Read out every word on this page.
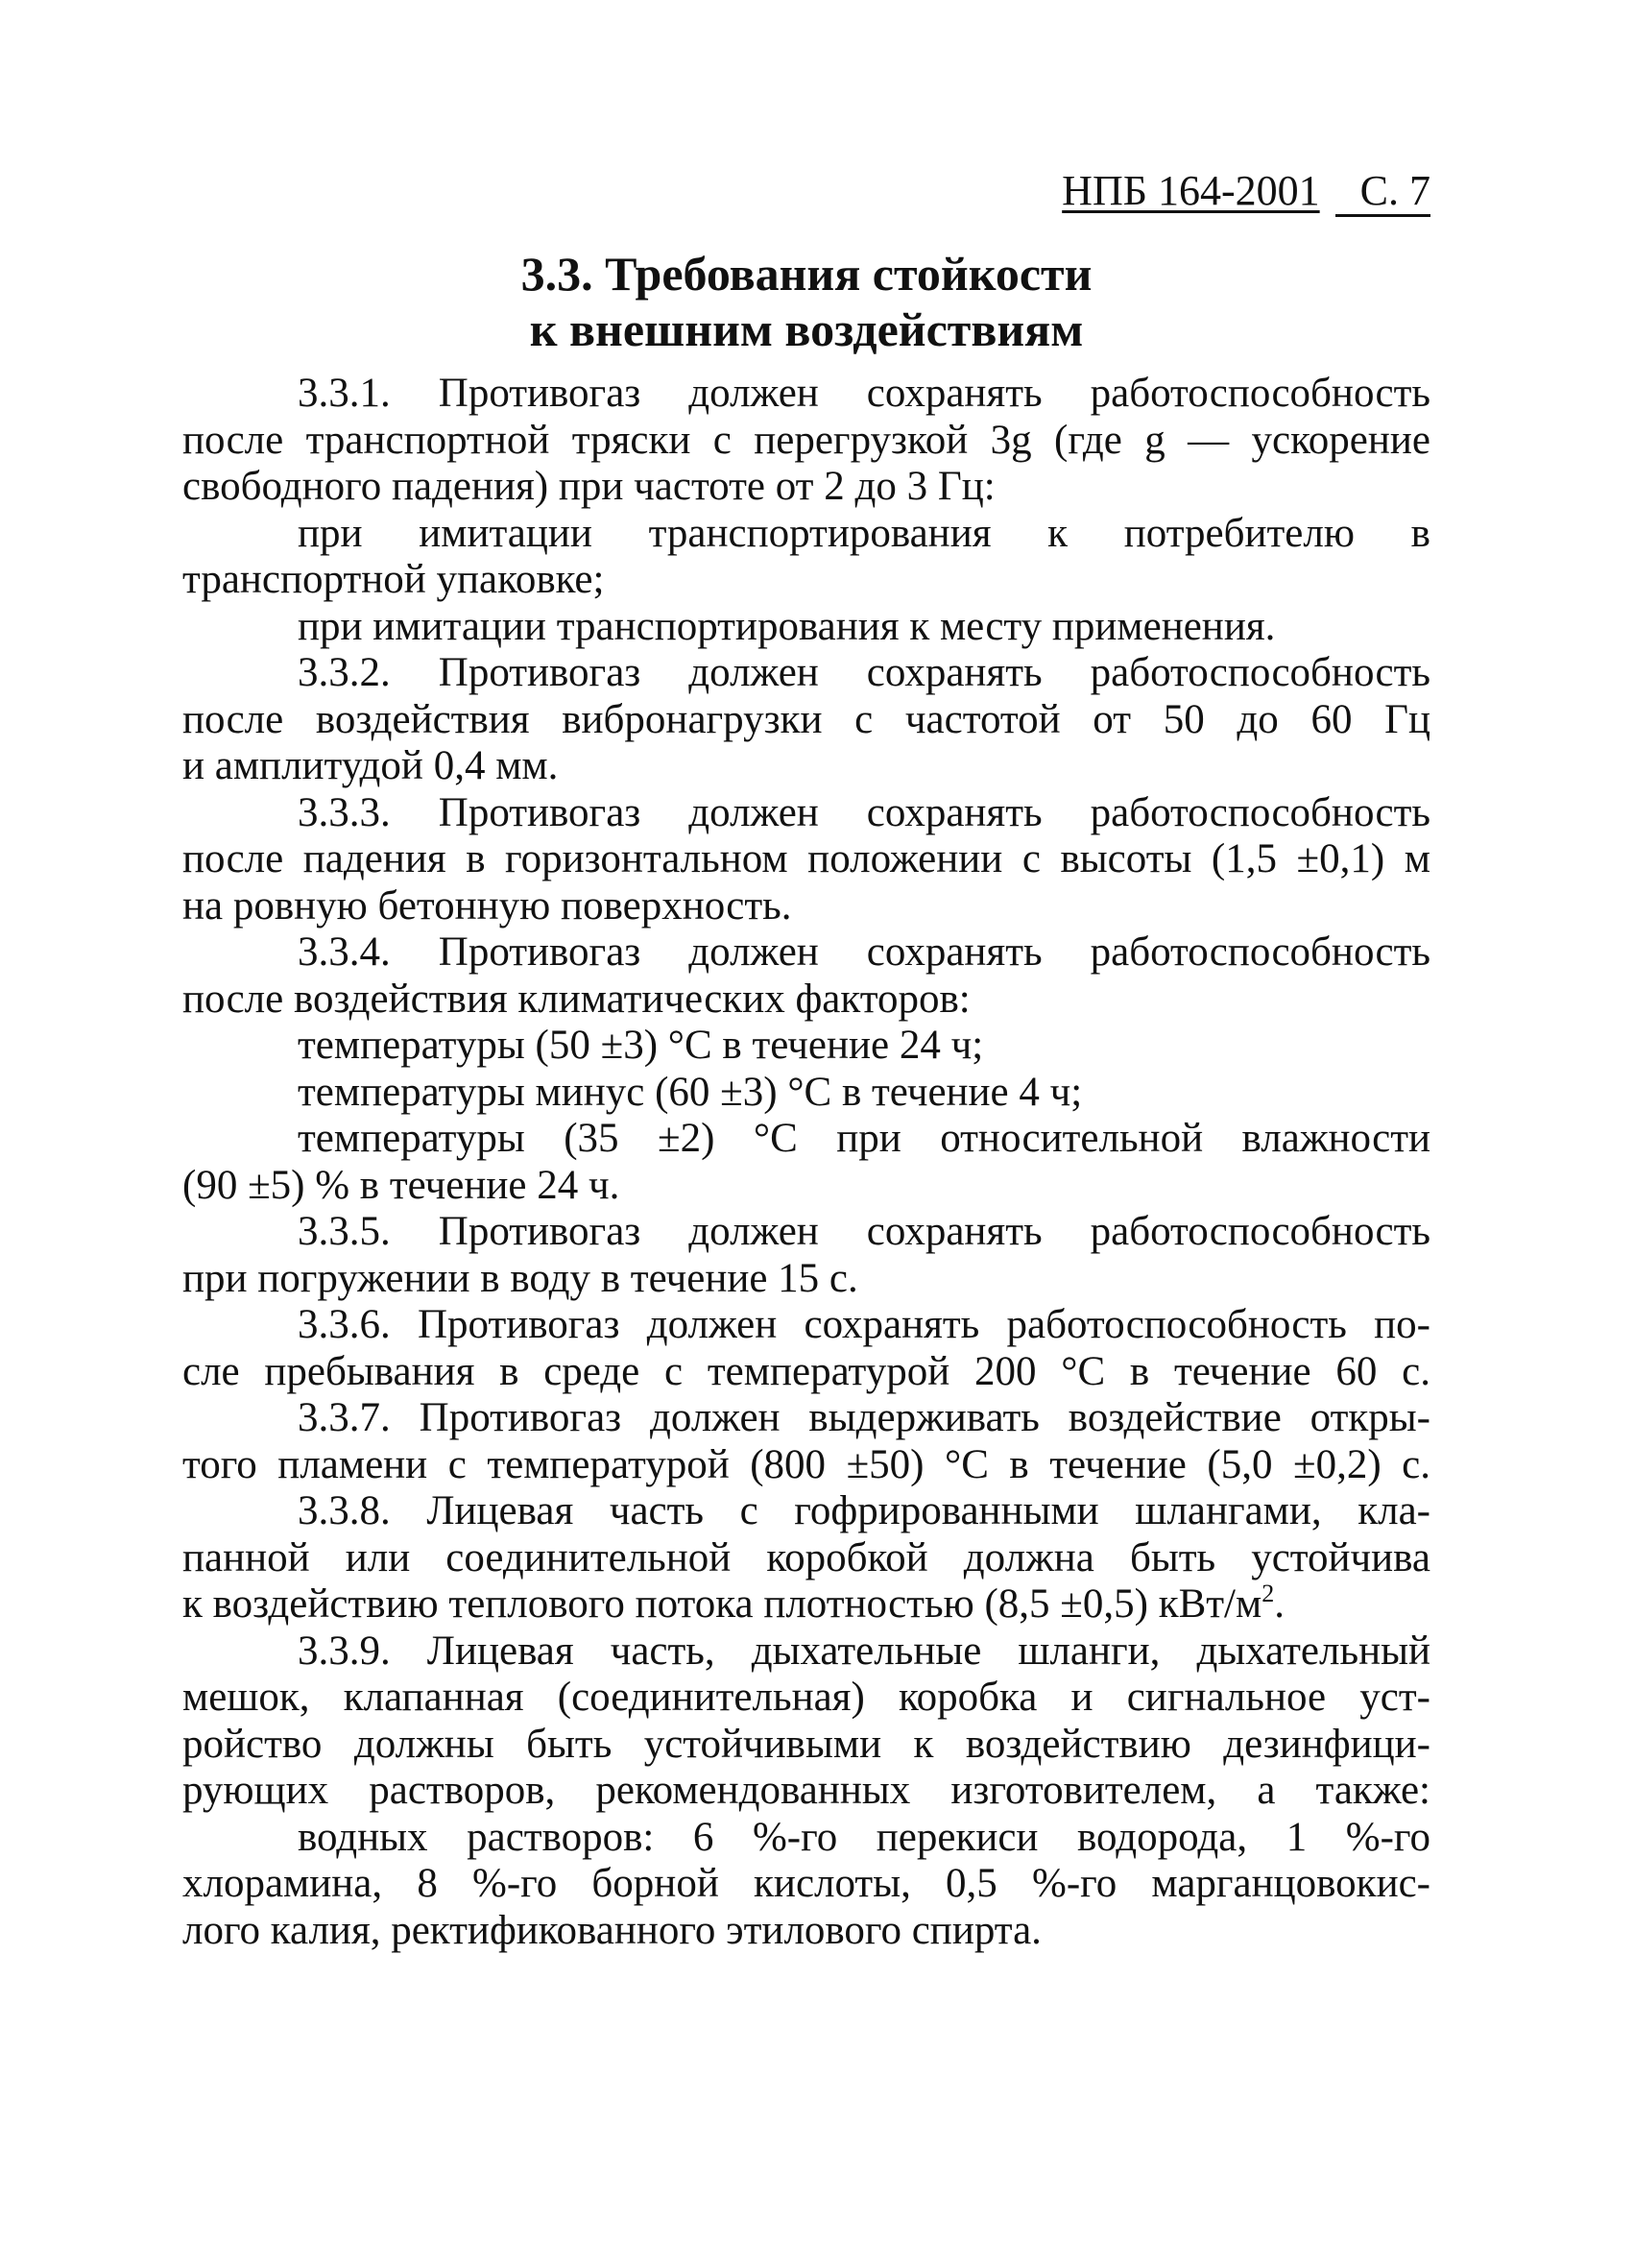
НПБ 164-2001 С. 7
3.3. Требования стойкости
к внешним воздействиям
3.3.1. Противогаз должен сохранять работоспособность
после транспортной тряски с перегрузкой 3g (где g — ускорение
свободного падения) при частоте от 2 до 3 Гц:
при имитации транспортирования к потребителю в
транспортной упаковке;
при имитации транспортирования к месту применения.
3.3.2. Противогаз должен сохранять работоспособность
после воздействия вибронагрузки с частотой от 50 до 60 Гц
и амплитудой 0,4 мм.
3.3.3. Противогаз должен сохранять работоспособность
после падения в горизонтальном положении с высоты (1,5 ±0,1) м
на ровную бетонную поверхность.
3.3.4. Противогаз должен сохранять работоспособность
после воздействия климатических факторов:
температуры (50 ±3) °С в течение 24 ч;
температуры минус (60 ±3) °С в течение 4 ч;
температуры (35 ±2) °С при относительной влажности
(90 ±5) % в течение 24 ч.
3.3.5. Противогаз должен сохранять работоспособность
при погружении в воду в течение 15 с.
3.3.6. Противогаз должен сохранять работоспособность по-
сле пребывания в среде с температурой 200 °С в течение 60 с.
3.3.7. Противогаз должен выдерживать воздействие откры-
того пламени с температурой (800 ±50) °С в течение (5,0 ±0,2) с.
3.3.8. Лицевая часть с гофрированными шлангами, кла-
панной или соединительной коробкой должна быть устойчива
к воздействию теплового потока плотностью (8,5 ±0,5) кВт/$м^2$.
3.3.9. Лицевая часть, дыхательные шланги, дыхательный
мешок, клапанная (соединительная) коробка и сигнальное уст-
ройство должны быть устойчивыми к воздействию дезинфици-
рующих растворов, рекомендованных изготовителем, а также:
водных растворов: 6 %-го перекиси водорода, 1 %-го
хлорамина, 8 %-го борной кислоты, 0,5 %-го марганцовокис-
лого калия, ректификованного этилового спирта.
